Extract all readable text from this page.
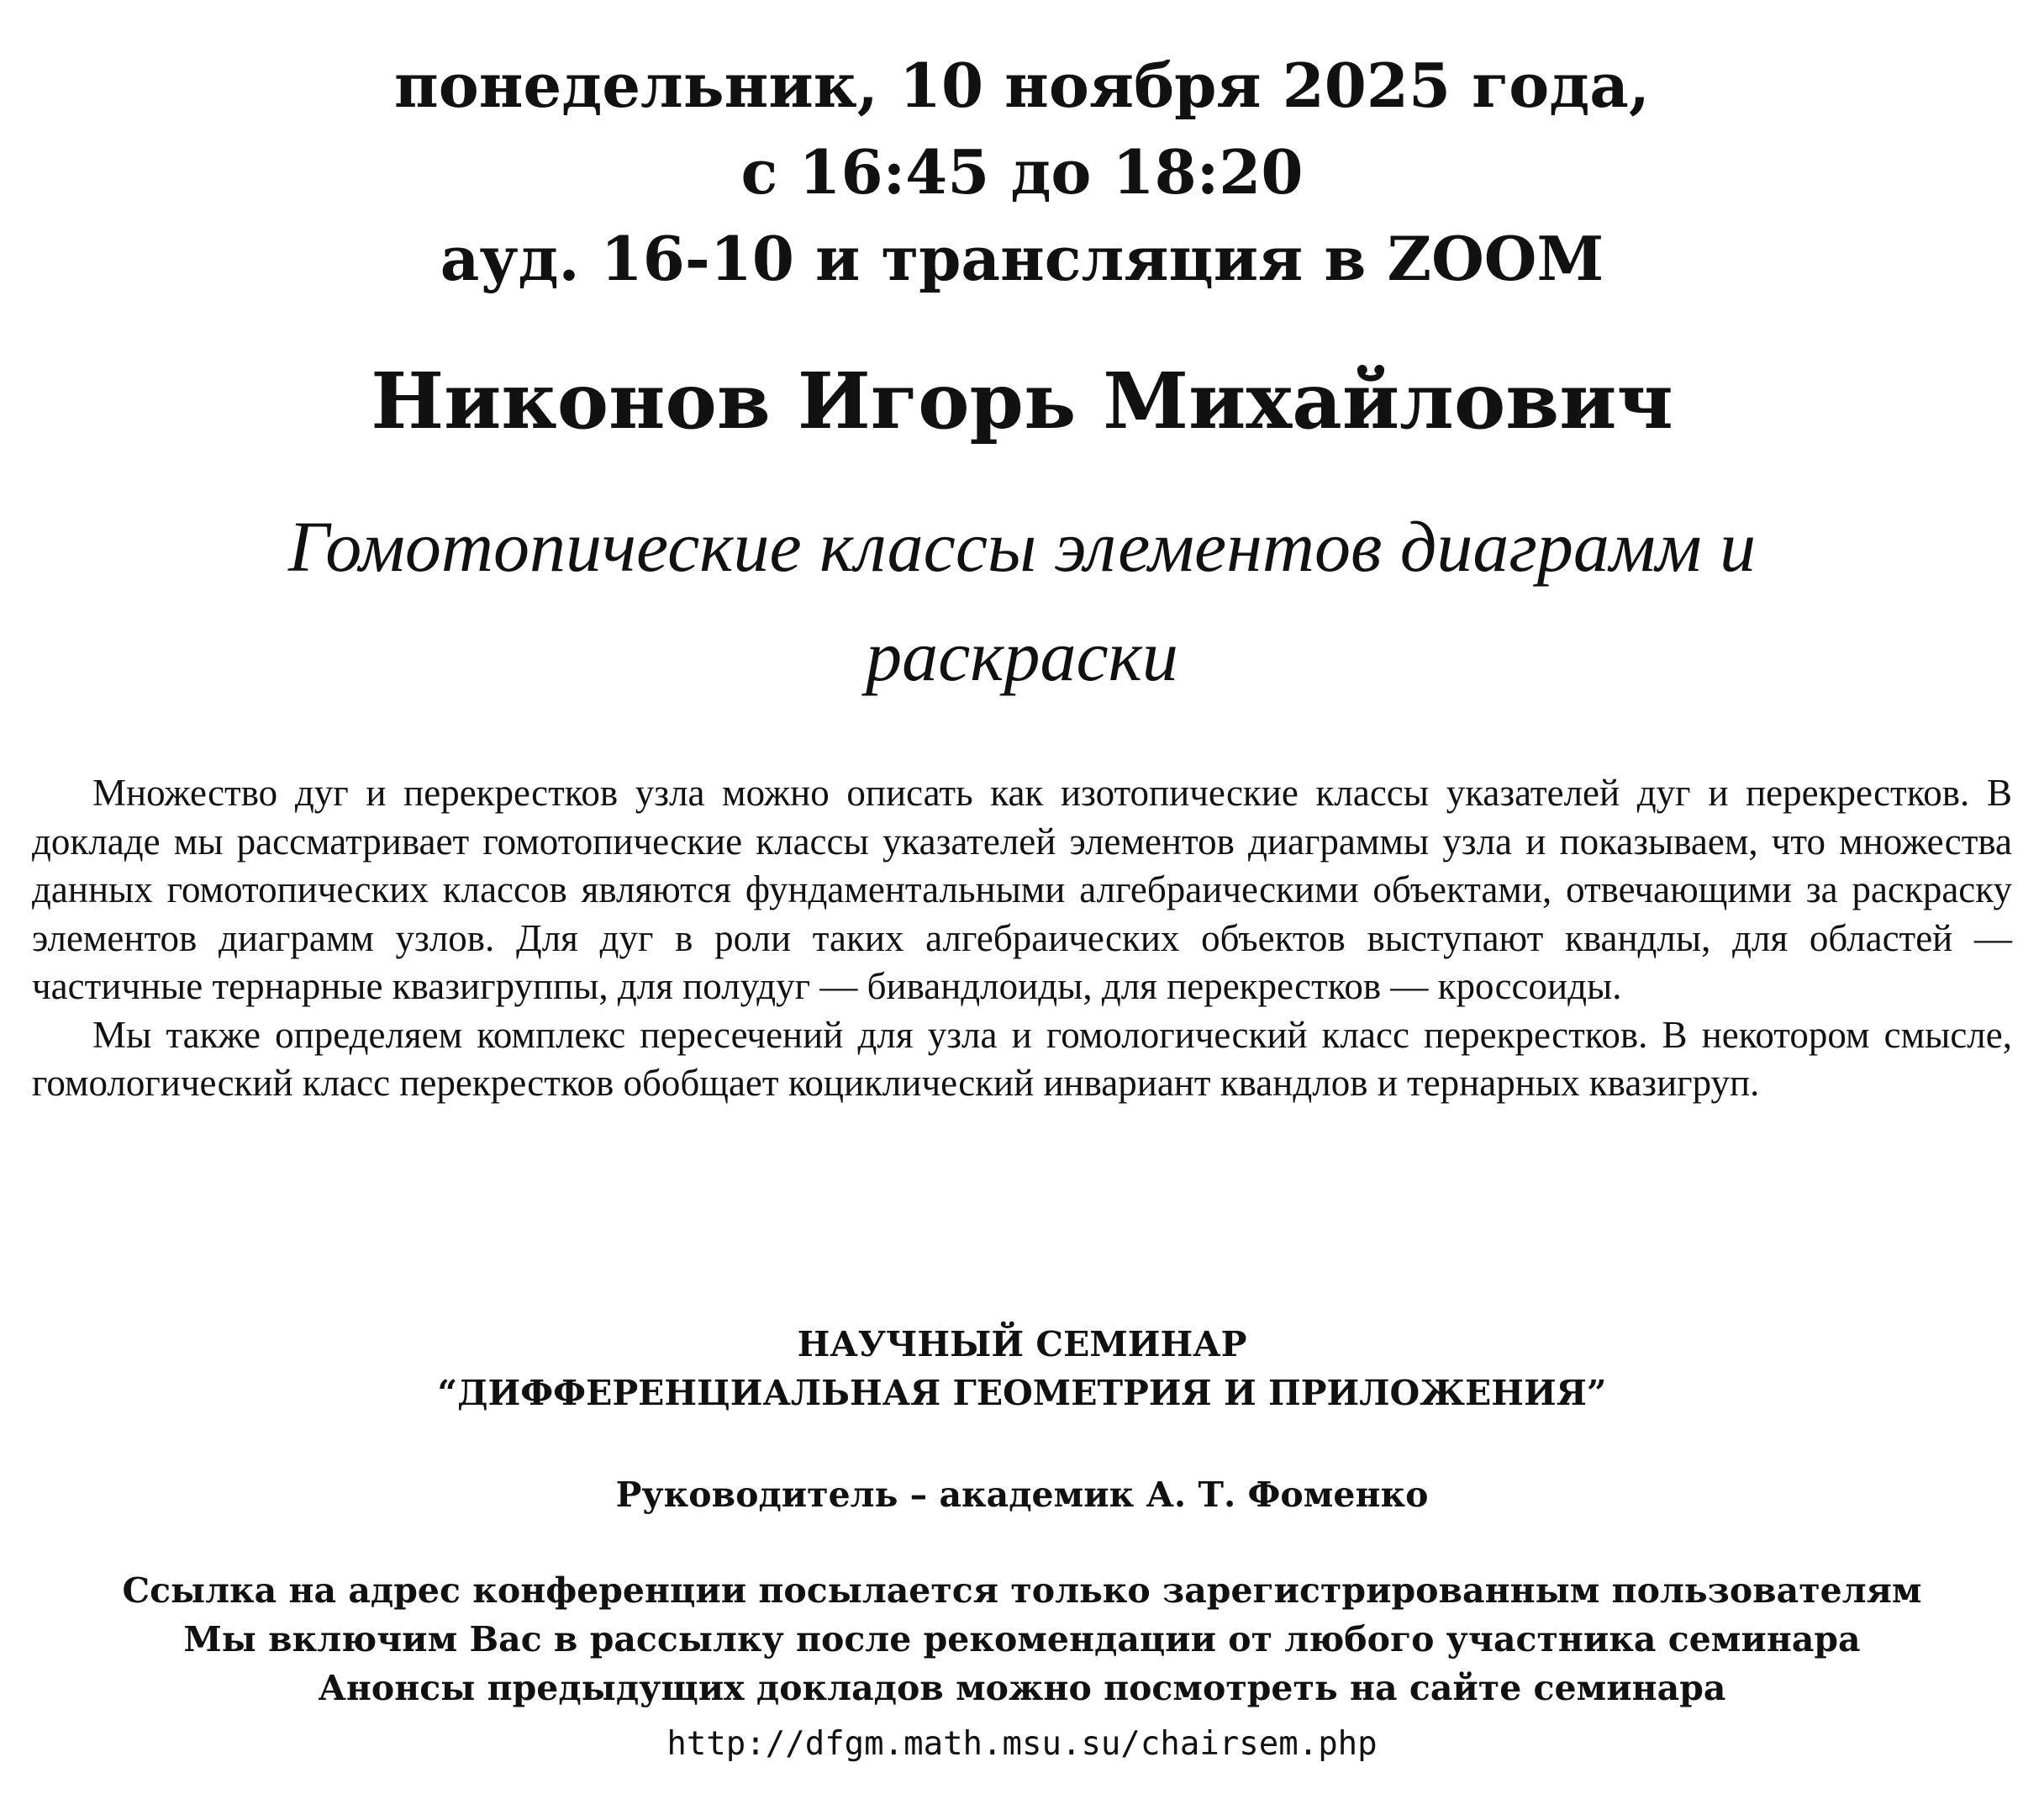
понедельник, 10 ноября 2025 года,
с 16:45 до 18:20
ауд. 16-10 и трансляция в ZOOM
Никонов Игорь Михайлович
Гомотопические классы элементов диаграмм и раскраски

Множество дуг и перекрестков узла можно описать как изотопические классы указателей дуг и перекрестков. В докладе мы рассматривает гомотопические классы указателей элементов диаграммы узла и показываем, что множества данных гомотопических классов являются фундаментальными алгебраическими объектами, отвечающими за раскраску элементов диаграмм узлов. Для дуг в роли таких алгебраических объектов выступают квандлы, для областей — частичные тернарные квазигруппы, для полудуг — бивандлоиды, для перекрестков — кроссоиды.

Мы также определяем комплекс пересечений для узла и гомологический класс перекрестков. В некотором смысле, гомологический класс перекрестков обобщает коциклический инвариант квандлов и тернарных квазигруп.

НАУЧНЫЙ СЕМИНАР
“ДИФФЕРЕНЦИАЛЬНАЯ ГЕОМЕТРИЯ И ПРИЛОЖЕНИЯ”
Руководитель – академик А. Т. Фоменко
Ссылка на адрес конференции посылается только зарегистрированным пользователям
Мы включим Вас в рассылку после рекомендации от любого участника семинара
Анонсы предыдущих докладов можно посмотреть на сайте семинара
http://dfgm.math.msu.su/chairsem.php
